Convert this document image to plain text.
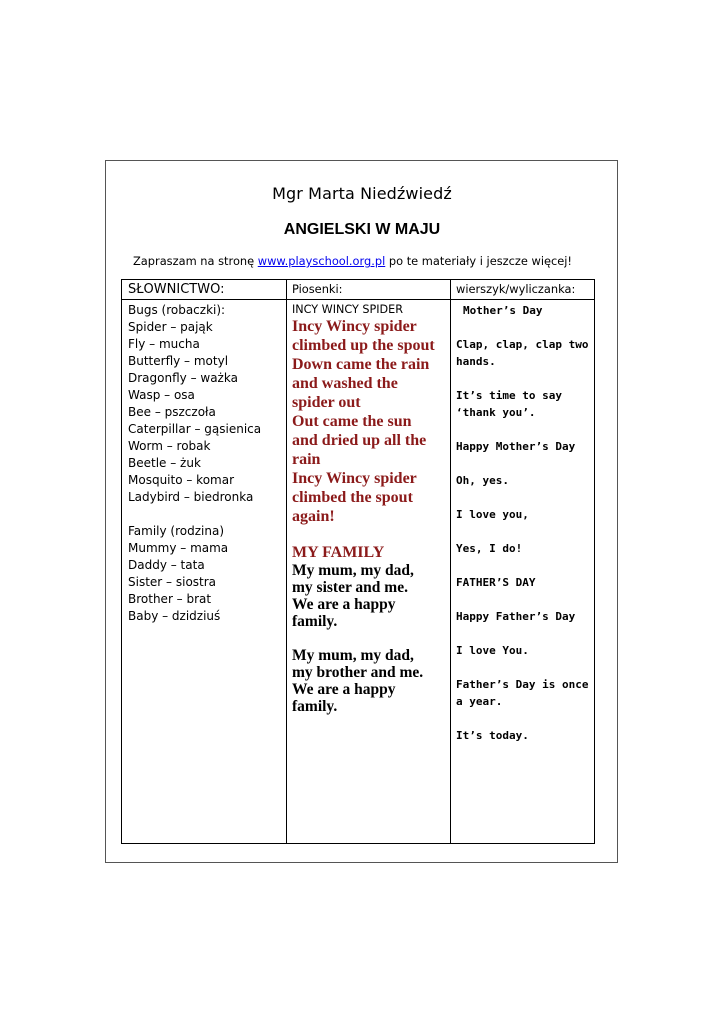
Mgr Marta Niedźwiedź
ANGIELSKI W MAJU
Zapraszam na stronę www.playschool.org.pl po te materiały i jeszcze więcej!
SŁOWNICTWO:	Piosenki:	wierszyk/wyliczanka:
Bugs (robaczki):
Spider – pająk
Fly – mucha
Butterfly – motyl
Dragonfly – ważka
Wasp – osa
Bee – pszczoła
Caterpillar – gąsienica
Worm – robak
Beetle – żuk
Mosquito – komar
Ladybird – biedronka
Family (rodzina)
Mummy – mama
Daddy – tata
Sister – siostra
Brother – brat
Baby – dzidziuś
INCY WINCY SPIDER
Incy Wincy spider
climbed up the spout
Down came the rain
and washed the
spider out
Out came the sun
and dried up all the
rain
Incy Wincy spider
climbed the spout
again!
MY FAMILY
My mum, my dad,
my sister and me.
We are a happy
family.
My mum, my dad,
my brother and me.
We are a happy
family.
Mother’s Day
Clap, clap, clap two
hands.
It’s time to say
‘thank you’.
Happy Mother’s Day
Oh, yes.
I love you,
Yes, I do!
FATHER’S DAY
Happy Father’s Day
I love You.
Father’s Day is once
a year.
It’s today.
